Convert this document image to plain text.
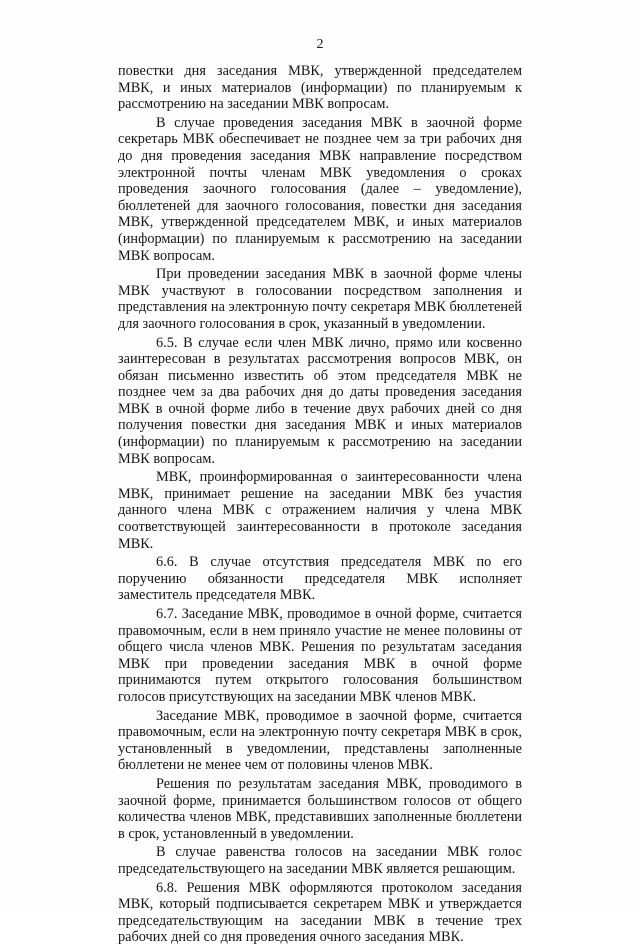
2

повестки дня заседания МВК, утвержденной председателем МВК, и иных материалов (информации) по планируемым к рассмотрению на заседании МВК вопросам.

В случае проведения заседания МВК в заочной форме секретарь МВК обеспечивает не позднее чем за три рабочих дня до дня проведения заседания МВК направление посредством электронной почты членам МВК уведомления о сроках проведения заочного голосования (далее – уведомление), бюллетеней для заочного голосования, повестки дня заседания МВК, утвержденной председателем МВК, и иных материалов (информации) по планируемым к рассмотрению на заседании МВК вопросам.

При проведении заседания МВК в заочной форме члены МВК участвуют в голосовании посредством заполнения и представления на электронную почту секретаря МВК бюллетеней для заочного голосования в срок, указанный в уведомлении.

6.5. В случае если член МВК лично, прямо или косвенно заинтересован в результатах рассмотрения вопросов МВК, он обязан письменно известить об этом председателя МВК не позднее чем за два рабочих дня до даты проведения заседания МВК в очной форме либо в течение двух рабочих дней со дня получения повестки дня заседания МВК и иных материалов (информации) по планируемым к рассмотрению на заседании МВК вопросам.

МВК, проинформированная о заинтересованности члена МВК, принимает решение на заседании МВК без участия данного члена МВК с отражением наличия у члена МВК соответствующей заинтересованности в протоколе заседания МВК.

6.6. В случае отсутствия председателя МВК по его поручению обязанности председателя МВК исполняет заместитель председателя МВК.

6.7. Заседание МВК, проводимое в очной форме, считается правомочным, если в нем приняло участие не менее половины от общего числа членов МВК. Решения по результатам заседания МВК при проведении заседания МВК в очной форме принимаются путем открытого голосования большинством голосов присутствующих на заседании МВК членов МВК.

Заседание МВК, проводимое в заочной форме, считается правомочным, если на электронную почту секретаря МВК в срок, установленный в уведомлении, представлены заполненные бюллетени не менее чем от половины членов МВК.

Решения по результатам заседания МВК, проводимого в заочной форме, принимается большинством голосов от общего количества членов МВК, представивших заполненные бюллетени в срок, установленный в уведомлении.

В случае равенства голосов на заседании МВК голос председательствующего на заседании МВК является решающим.

6.8. Решения МВК оформляются протоколом заседания МВК, который подписывается секретарем МВК и утверждается председательствующим на заседании МВК в течение трех рабочих дней со дня проведения очного заседания МВК.
